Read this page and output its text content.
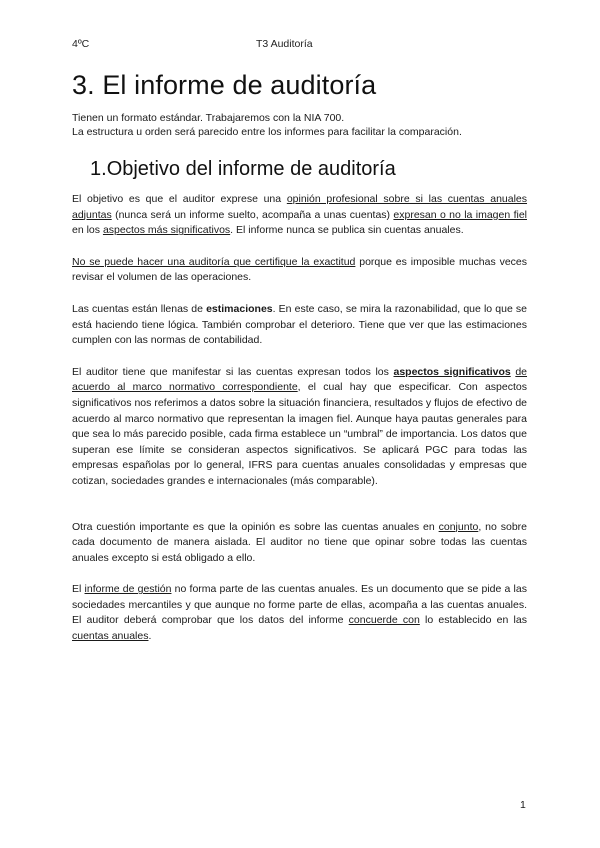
4ºC	T3 Auditoría
3. El informe de auditoría
Tienen un formato estándar. Trabajaremos con la NIA 700.
La estructura u orden será parecido entre los informes para facilitar la comparación.
1.Objetivo del informe de auditoría

El objetivo es que el auditor exprese una opinión profesional sobre si las cuentas anuales adjuntas (nunca será un informe suelto, acompaña a unas cuentas) expresan o no la imagen fiel en los aspectos más significativos. El informe nunca se publica sin cuentas anuales.

No se puede hacer una auditoría que certifique la exactitud porque es imposible muchas veces revisar el volumen de las operaciones.

Las cuentas están llenas de estimaciones. En este caso, se mira la razonabilidad, que lo que se está haciendo tiene lógica. También comprobar el deterioro. Tiene que ver que las estimaciones cumplen con las normas de contabilidad.

El auditor tiene que manifestar si las cuentas expresan todos los aspectos significativos de acuerdo al marco normativo correspondiente, el cual hay que especificar. Con aspectos significativos nos referimos a datos sobre la situación financiera, resultados y flujos de efectivo de acuerdo al marco normativo que representan la imagen fiel. Aunque haya pautas generales para que sea lo más parecido posible, cada firma establece un “umbral” de importancia. Los datos que superan ese límite se consideran aspectos significativos. Se aplicará PGC para todas las empresas españolas por lo general, IFRS para cuentas anuales consolidadas y empresas que cotizan, sociedades grandes e internacionales (más comparable).

Otra cuestión importante es que la opinión es sobre las cuentas anuales en conjunto, no sobre cada documento de manera aislada. El auditor no tiene que opinar sobre todas las cuentas anuales excepto si está obligado a ello.

El informe de gestión no forma parte de las cuentas anuales. Es un documento que se pide a las sociedades mercantiles y que aunque no forme parte de ellas, acompaña a las cuentas anuales. El auditor deberá comprobar que los datos del informe concuerde con lo establecido en las cuentas anuales.

1
